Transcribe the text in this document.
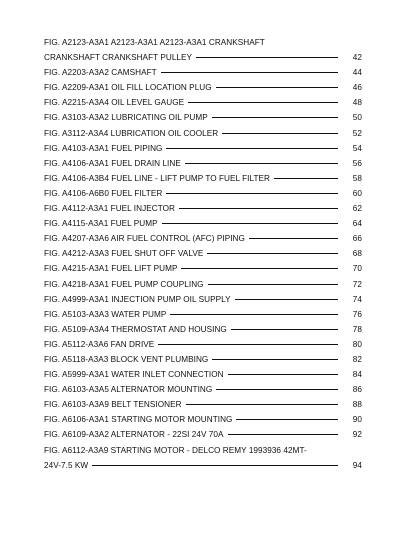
FIG. A2123-A3A1 A2123-A3A1 A2123-A3A1 CRANKSHAFT
CRANKSHAFT CRANKSHAFT PULLEY	42
FIG. A2203-A3A2 CAMSHAFT	44
FIG. A2209-A3A1 OIL FILL LOCATION PLUG	46
FIG. A2215-A3A4 OIL LEVEL GAUGE	48
FIG. A3103-A3A2 LUBRICATING OIL PUMP	50
FIG. A3112-A3A4 LUBRICATION OIL COOLER	52
FIG. A4103-A3A1 FUEL PIPING	54
FIG. A4106-A3A1 FUEL DRAIN LINE	56
FIG. A4106-A3B4 FUEL LINE - LIFT PUMP TO FUEL FILTER	58
FIG. A4106-A6B0 FUEL FILTER	60
FIG. A4112-A3A1 FUEL INJECTOR	62
FIG. A4115-A3A1 FUEL PUMP	64
FIG. A4207-A3A6 AIR FUEL CONTROL (AFC) PIPING	66
FIG. A4212-A3A3 FUEL SHUT OFF VALVE	68
FIG. A4215-A3A1 FUEL LIFT PUMP	70
FIG. A4218-A3A1 FUEL PUMP COUPLING	72
FIG. A4999-A3A1 INJECTION PUMP OIL SUPPLY	74
FIG. A5103-A3A3 WATER PUMP	76
FIG. A5109-A3A4 THERMOSTAT AND HOUSING	78
FIG. A5112-A3A6 FAN DRIVE	80
FIG. A5118-A3A3 BLOCK VENT PLUMBING	82
FIG. A5999-A3A1 WATER INLET CONNECTION	84
FIG. A6103-A3A5 ALTERNATOR MOUNTING	86
FIG. A6103-A3A9 BELT TENSIONER	88
FIG. A6106-A3A1 STARTING MOTOR MOUNTING	90
FIG. A6109-A3A2 ALTERNATOR - 22SI 24V 70A	92
FIG. A6112-A3A9 STARTING MOTOR - DELCO REMY 1993936 42MT-
24V-7.5 KW	94
